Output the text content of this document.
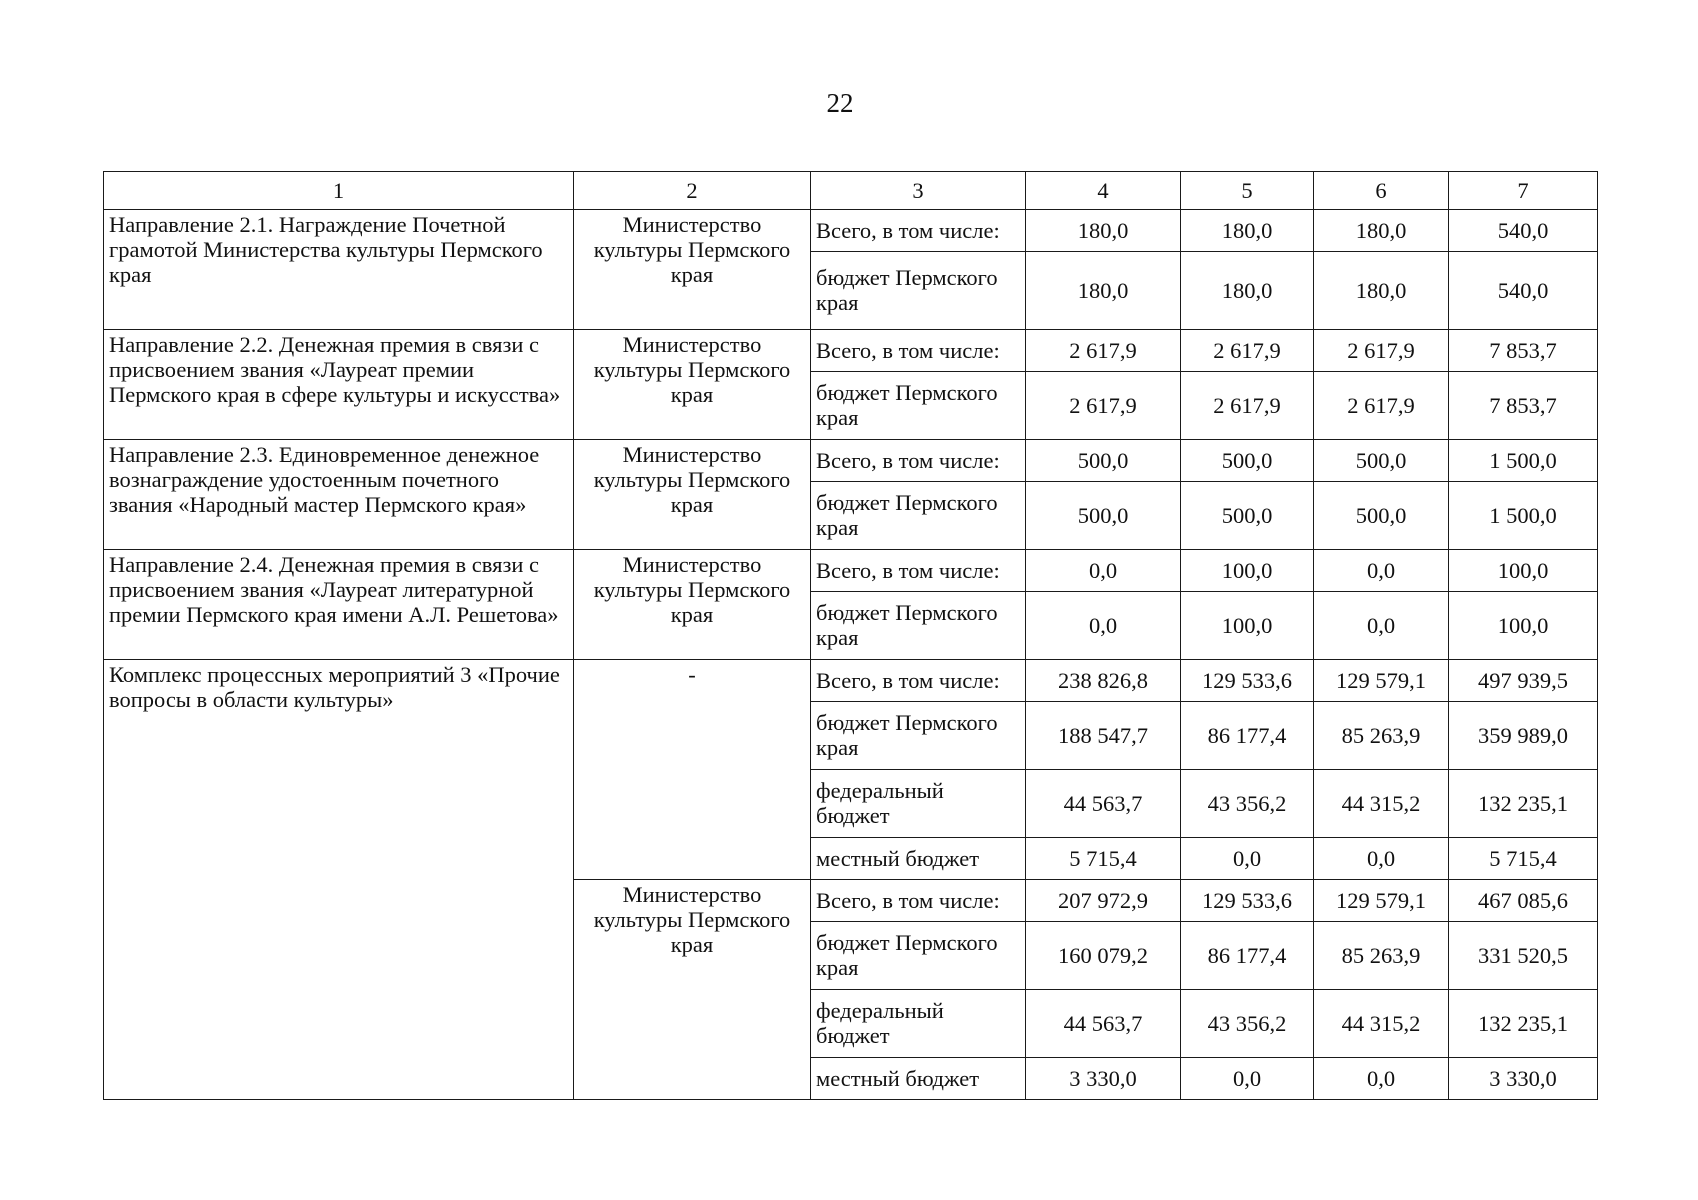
22
1	2	3	4	5	6	7
Направление 2.1. Награждение Почетной грамотой Министерства культуры Пермского края	Министерство культуры Пермского края	Всего, в том числе:	180,0	180,0	180,0	540,0
		бюджет Пермского края	180,0	180,0	180,0	540,0
Направление 2.2. Денежная премия в связи с присвоением звания «Лауреат премии Пермского края в сфере культуры и искусства»	Министерство культуры Пермского края	Всего, в том числе:	2 617,9	2 617,9	2 617,9	7 853,7
		бюджет Пермского края	2 617,9	2 617,9	2 617,9	7 853,7
Направление 2.3. Единовременное денежное вознаграждение удостоенным почетного звания «Народный мастер Пермского края»	Министерство культуры Пермского края	Всего, в том числе:	500,0	500,0	500,0	1 500,0
		бюджет Пермского края	500,0	500,0	500,0	1 500,0
Направление 2.4. Денежная премия в связи с присвоением звания «Лауреат литературной премии Пермского края имени А.Л. Решетова»	Министерство культуры Пермского края	Всего, в том числе:	0,0	100,0	0,0	100,0
		бюджет Пермского края	0,0	100,0	0,0	100,0
Комплекс процессных мероприятий 3 «Прочие вопросы в области культуры»	-	Всего, в том числе:	238 826,8	129 533,6	129 579,1	497 939,5
		бюджет Пермского края	188 547,7	86 177,4	85 263,9	359 989,0
		федеральный бюджет	44 563,7	43 356,2	44 315,2	132 235,1
		местный бюджет	5 715,4	0,0	0,0	5 715,4
	Министерство культуры Пермского края	Всего, в том числе:	207 972,9	129 533,6	129 579,1	467 085,6
		бюджет Пермского края	160 079,2	86 177,4	85 263,9	331 520,5
		федеральный бюджет	44 563,7	43 356,2	44 315,2	132 235,1
		местный бюджет	3 330,0	0,0	0,0	3 330,0
